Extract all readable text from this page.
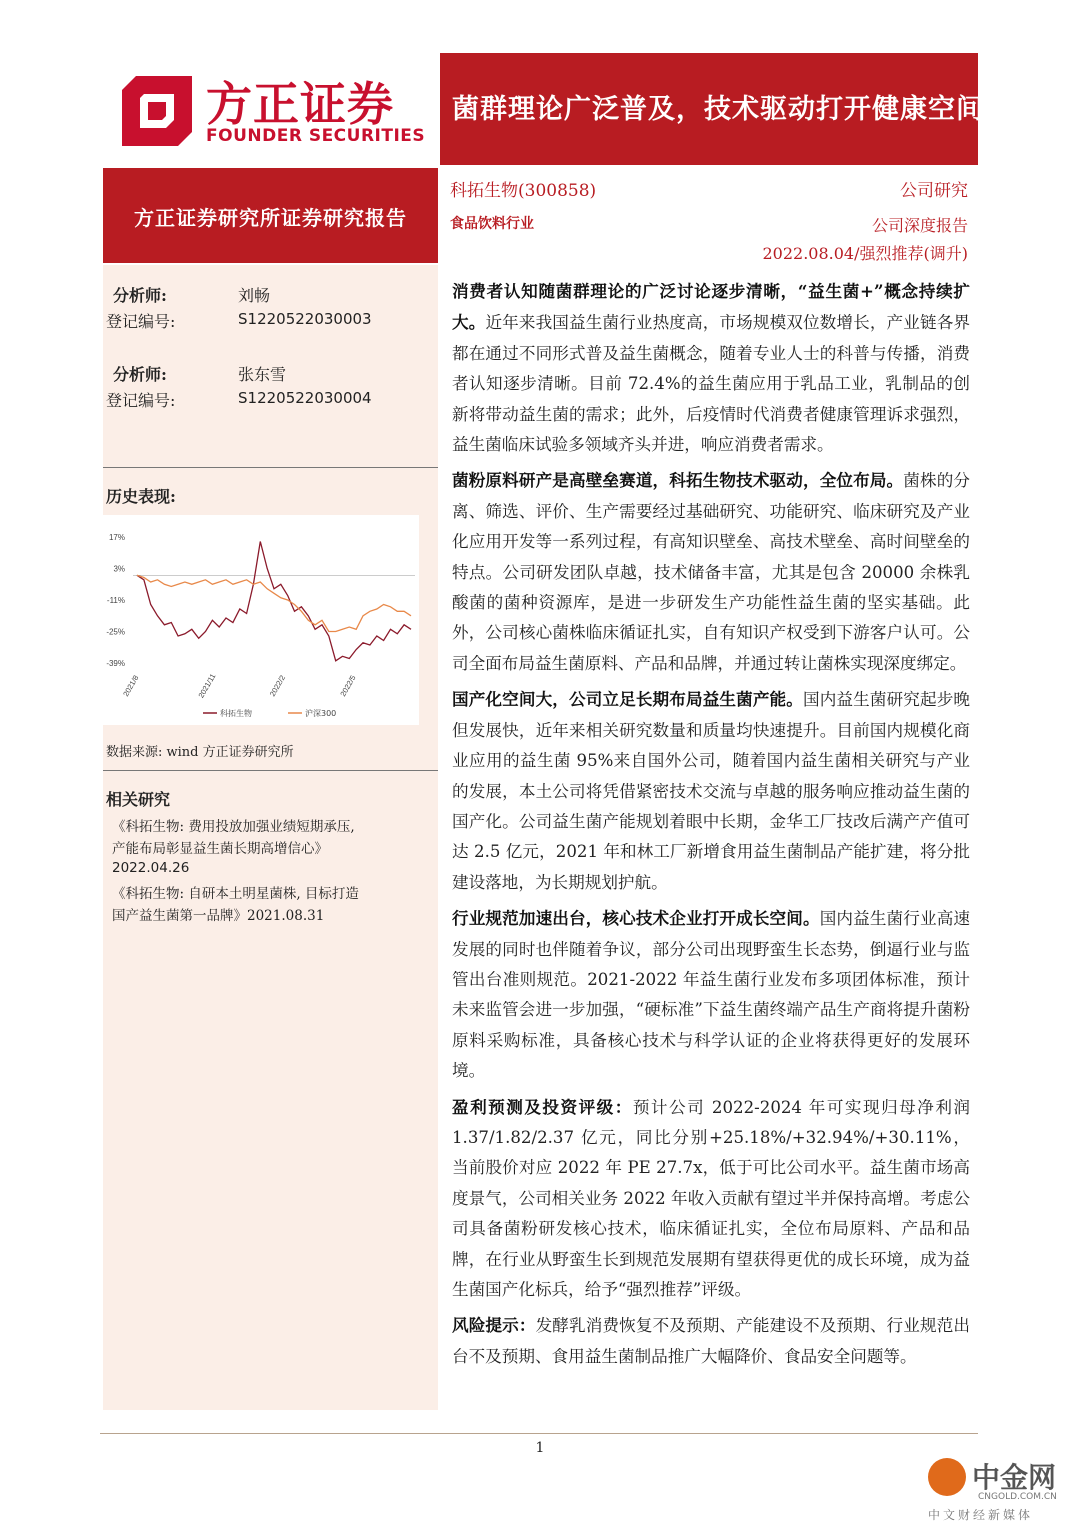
方正证券
FOUNDER SECURITIES
菌群理论广泛普及，技术驱动打开健康空间
方正证券研究所证券研究报告
科拓生物(300858)
食品饮料行业
公司研究
公司深度报告
2022.08.04/强烈推荐(调升)
分析师:	刘畅
登记编号:	S1220522030003
分析师:	张东雪
登记编号:	S1220522030004
历史表现:
17%
3%
-11%
-25%
-39%
2021/8	2021/11	2022/2	2022/5
科拓生物	沪深300
数据来源: wind 方正证券研究所
相关研究
《科拓生物: 费用投放加强业绩短期承压,
产能布局彰显益生菌长期高增信心》
2022.04.26
《科拓生物: 自研本土明星菌株, 目标打造
国产益生菌第一品牌》2021.08.31

消费者认知随菌群理论的广泛讨论逐步清晰，“益生菌+”概念持续扩大。近年来我国益生菌行业热度高，市场规模双位数增长，产业链各界都在通过不同形式普及益生菌概念，随着专业人士的科普与传播，消费者认知逐步清晰。目前 72.4%的益生菌应用于乳品工业，乳制品的创新将带动益生菌的需求；此外，后疫情时代消费者健康管理诉求强烈，益生菌临床试验多领域齐头并进，响应消费者需求。

菌粉原料研产是高壁垒赛道，科拓生物技术驱动，全位布局。菌株的分离、筛选、评价、生产需要经过基础研究、功能研究、临床研究及产业化应用开发等一系列过程，有高知识壁垒、高技术壁垒、高时间壁垒的特点。公司研发团队卓越，技术储备丰富，尤其是包含 20000 余株乳酸菌的菌种资源库，是进一步研发生产功能性益生菌的坚实基础。此外，公司核心菌株临床循证扎实，自有知识产权受到下游客户认可。公司全面布局益生菌原料、产品和品牌，并通过转让菌株实现深度绑定。

国产化空间大，公司立足长期布局益生菌产能。国内益生菌研究起步晚但发展快，近年来相关研究数量和质量均快速提升。目前国内规模化商业应用的益生菌 95%来自国外公司，随着国内益生菌相关研究与产业的发展，本土公司将凭借紧密技术交流与卓越的服务响应推动益生菌的国产化。公司益生菌产能规划着眼中长期，金华工厂技改后满产产值可达 2.5 亿元，2021 年和林工厂新增食用益生菌制品产能扩建，将分批建设落地，为长期规划护航。

行业规范加速出台，核心技术企业打开成长空间。国内益生菌行业高速发展的同时也伴随着争议，部分公司出现野蛮生长态势，倒逼行业与监管出台准则规范。2021-2022 年益生菌行业发布多项团体标准，预计未来监管会进一步加强，“硬标准”下益生菌终端产品生产商将提升菌粉原料采购标准，具备核心技术与科学认证的企业将获得更好的发展环境。

盈利预测及投资评级：预计公司 2022-2024 年可实现归母净利润 1.37/1.82/2.37 亿元，同比分别+25.18%/+32.94%/+30.11%，当前股价对应 2022 年 PE 27.7x，低于可比公司水平。益生菌市场高度景气，公司相关业务 2022 年收入贡献有望过半并保持高增。考虑公司具备菌粉研发核心技术，临床循证扎实，全位布局原料、产品和品牌，在行业从野蛮生长到规范发展期有望获得更优的成长环境，成为益生菌国产化标兵，给予“强烈推荐”评级。

风险提示：发酵乳消费恢复不及预期、产能建设不及预期、行业规范出台不及预期、食用益生菌制品推广大幅降价、食品安全问题等。

1
中金网
CNGOLD.COM.CN
中文财经新媒体
